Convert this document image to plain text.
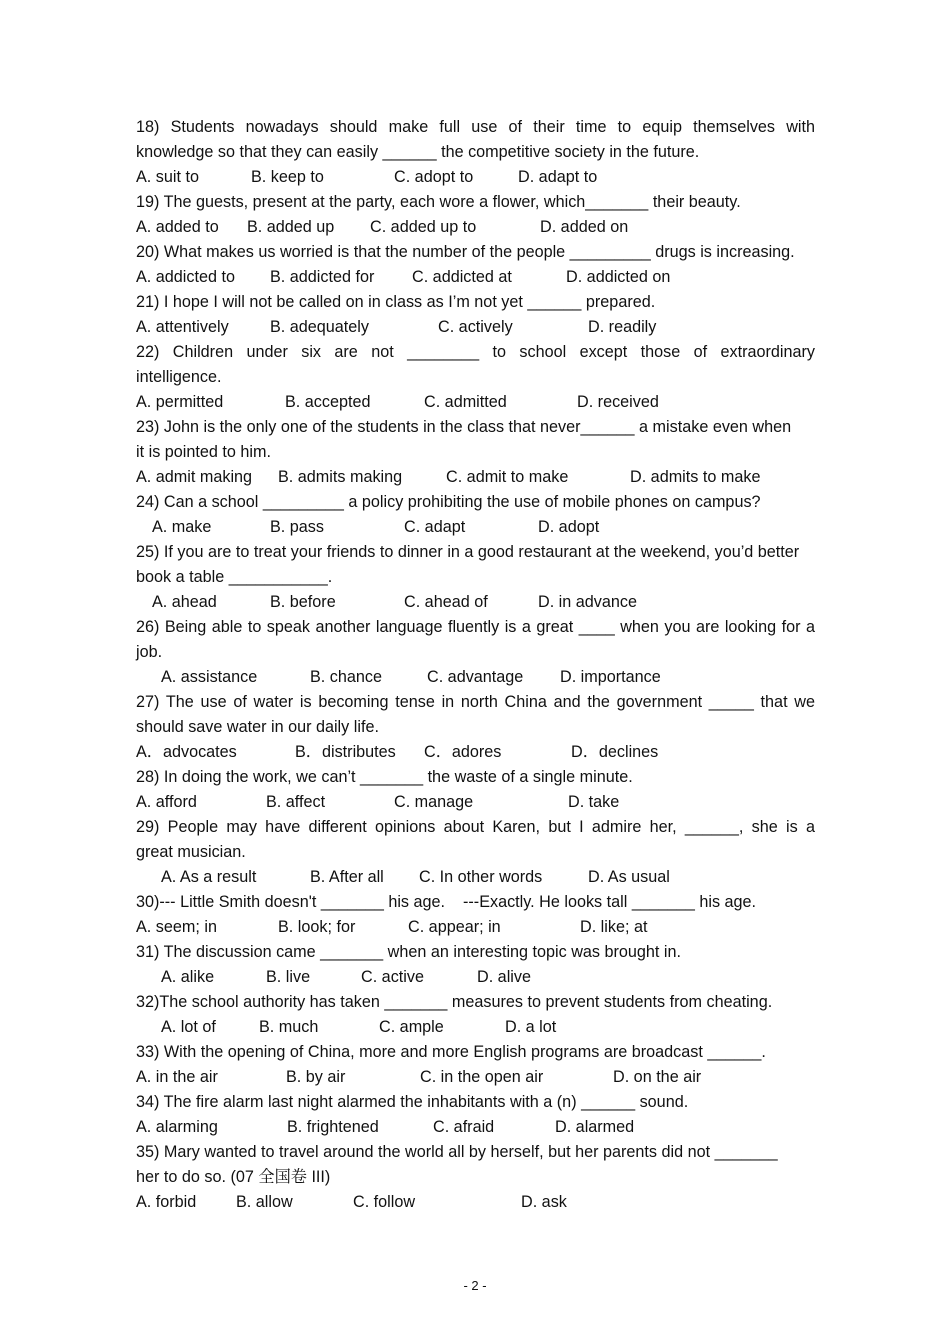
18) Students nowadays should make full use of their time to equip themselves with
knowledge so that they can easily ______ the competitive society in the future.
A. suit to	B. keep to	C. adopt to	D. adapt to
19) The guests, present at the party, each wore a flower, which_______ their beauty.
A. added to B. added up C. added up to	D. added on
20) What makes us worried is that the number of the people _________ drugs is increasing.
A. addicted to B. addicted for C. addicted at	D. addicted on
21) I hope I will not be called on in class as I’m not yet ______ prepared.
A. attentively	B. adequately	C. actively	D. readily
22) Children under six are not ________ to school except those of extraordinary
intelligence.
A. permitted	B. accepted	C. admitted	D. received
23) John is the only one of the students in the class that never______ a mistake even when
it is pointed to him.
A. admit making B. admits making	C. admit to make	D. admits to make
24) Can a school _________ a policy prohibiting the use of mobile phones on campus?
A. make	B. pass	C. adapt	D. adopt
25) If you are to treat your friends to dinner in a good restaurant at the weekend, you’d better
book a table ___________.
A. ahead	B. before	C. ahead of	D. in advance
26) Being able to speak another language fluently is a great ____ when you are looking for a
job.
A. assistance	B. chance	C. advantage D. importance
27) The use of water is becoming tense in north China and the government _____ that we
should save water in our daily life.
A．advocates	B．distributes C．adores	D．declines
28) In doing the work, we can’t _______ the waste of a single minute.
A. afford	B. affect	C. manage	D. take
29) People may have different opinions about Karen, but I admire her, ______, she is a
great musician.
A. As a result	B. After all C. In other words	D. As usual
30)--- Little Smith doesn't _______ his age.    ---Exactly. He looks tall _______ his age.
A. seem; in	B. look; for	C. appear; in	D. like; at
31) The discussion came _______ when an interesting topic was brought in.
A. alike	B. live	C. active	D. alive
32)The school authority has taken _______ measures to prevent students from cheating.
A. lot of	B. much	C. ample	D. a lot
33) With the opening of China, more and more English programs are broadcast ______.
A. in the air	B. by air	C. in the open air	D. on the air
34) The fire alarm last night alarmed the inhabitants with a (n) ______ sound.
A. alarming	B. frightened	C. afraid	D. alarmed
35) Mary wanted to travel around the world all by herself, but her parents did not _______
her to do so. (07 全国卷 III)
A. forbid B. allow	C. follow	D. ask
- 2 -
